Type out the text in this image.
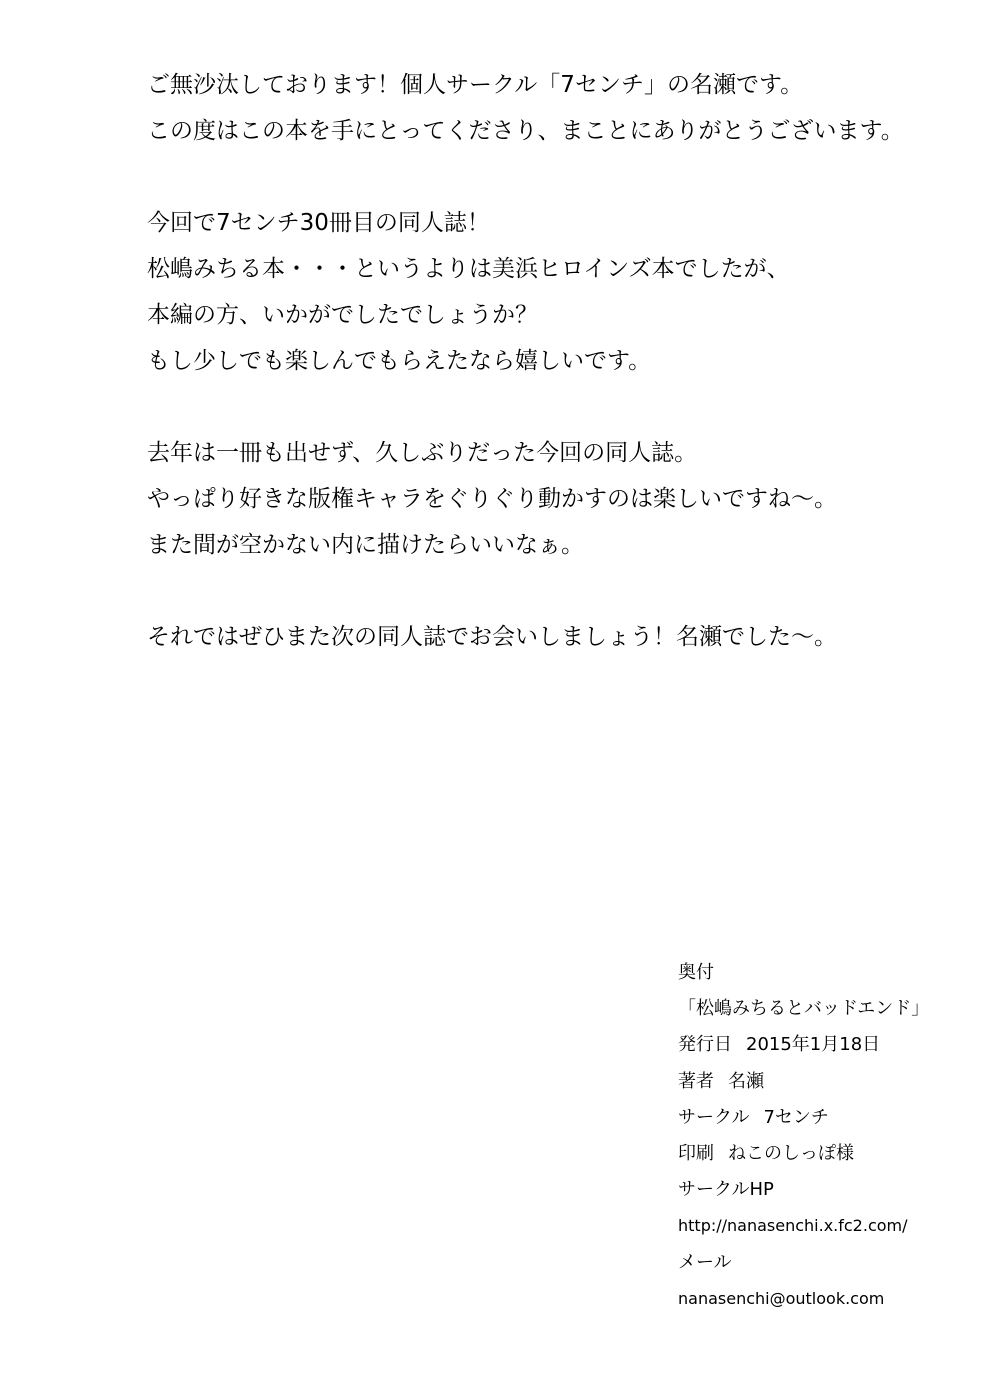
ご無沙汰しております！個人サークル「7センチ」の名瀬です。
この度はこの本を手にとってくださり、まことにありがとうございます。
今回で7センチ30冊目の同人誌！
松嶋みちる本・・・というよりは美浜ヒロインズ本でしたが、
本編の方、いかがでしたでしょうか？
もし少しでも楽しんでもらえたなら嬉しいです。
去年は一冊も出せず、久しぶりだった今回の同人誌。
やっぱり好きな版権キャラをぐりぐり動かすのは楽しいですね～。
また間が空かない内に描けたらいいなぁ。
それではぜひまた次の同人誌でお会いしましょう！名瀬でした～。
奥付
「松嶋みちるとバッドエンド」
発行日 2015年1月18日
著者 名瀬
サークル 7センチ
印刷 ねこのしっぽ様
サークルHP
http://nanasenchi.x.fc2.com/
メール
nanasenchi@outlook.com
